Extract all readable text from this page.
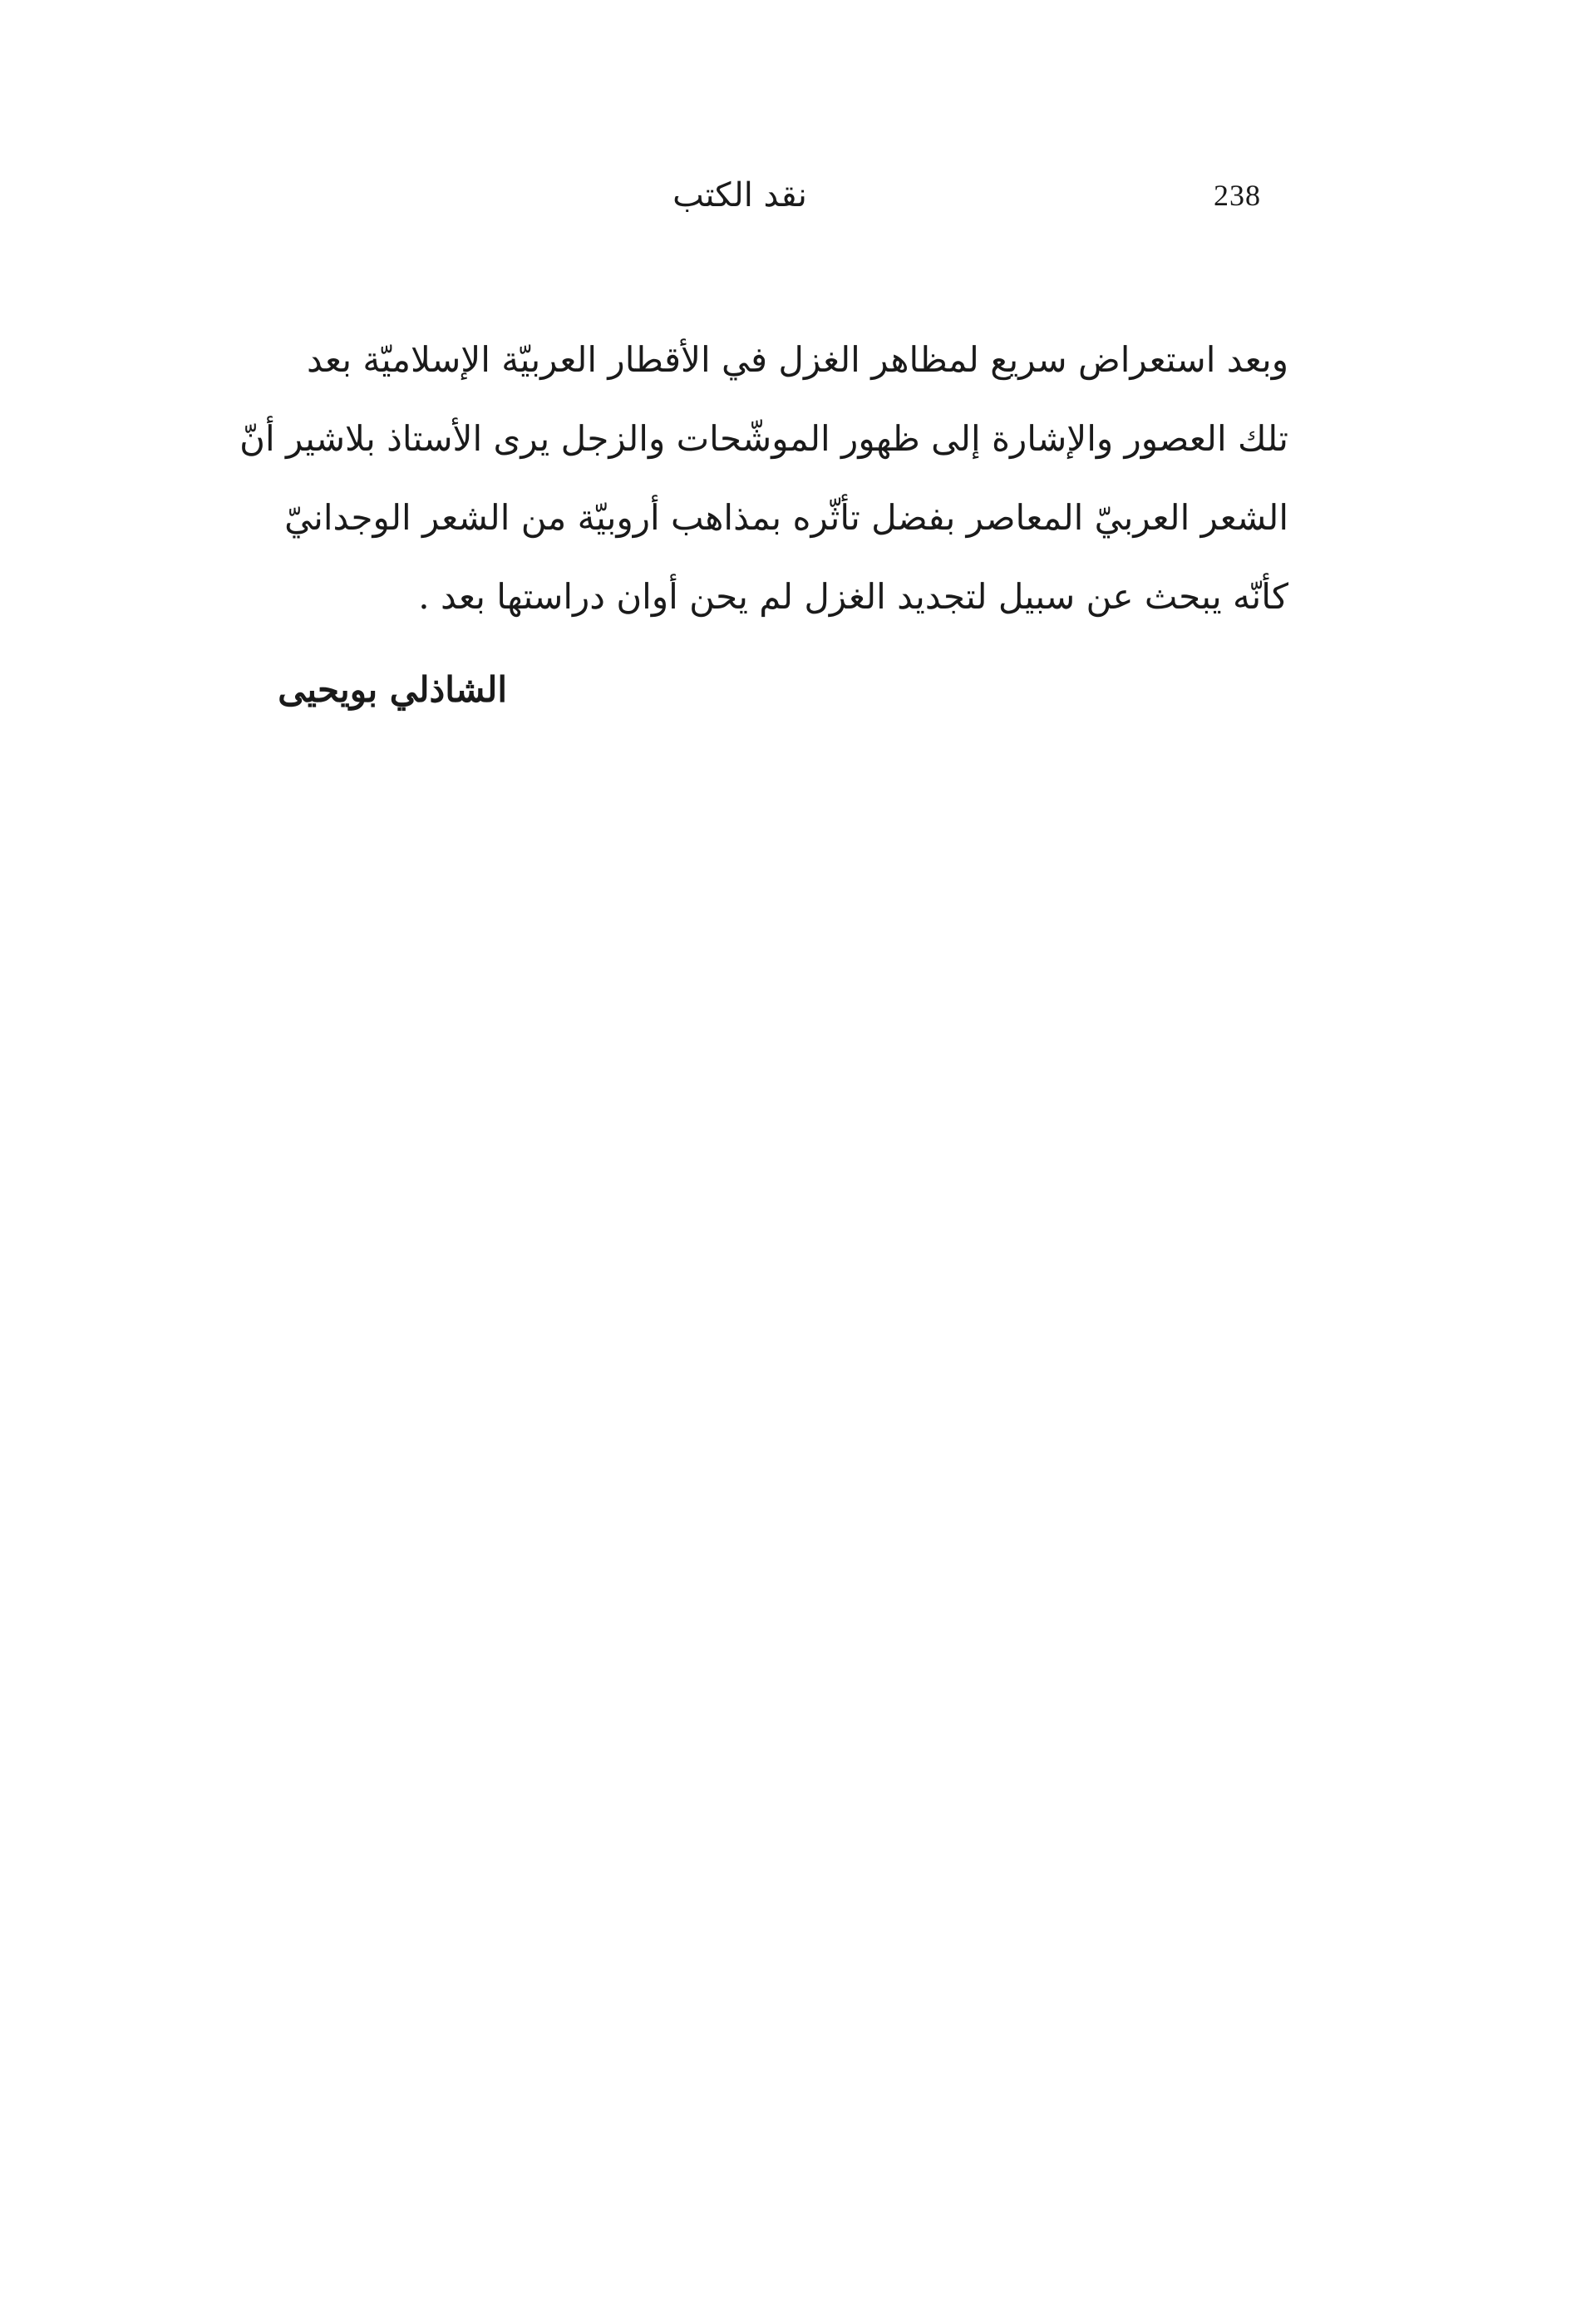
238
نقد الكتب

وبعد استعراض سريع لمظاهر الغزل في الأقطار العربيّة الإسلاميّة بعد
تلك العصور والإشارة إلى ظهور الموشّحات والزجل يرى الأستاذ بلاشير أنّ
الشعر العربيّ المعاصر بفضل تأثّره بمذاهب أروبيّة من الشعر الوجدانيّ
كأنّه يبحث عن سبيل لتجديد الغزل لم يحن أوان دراستها بعد .

الشاذلي بويحيى
